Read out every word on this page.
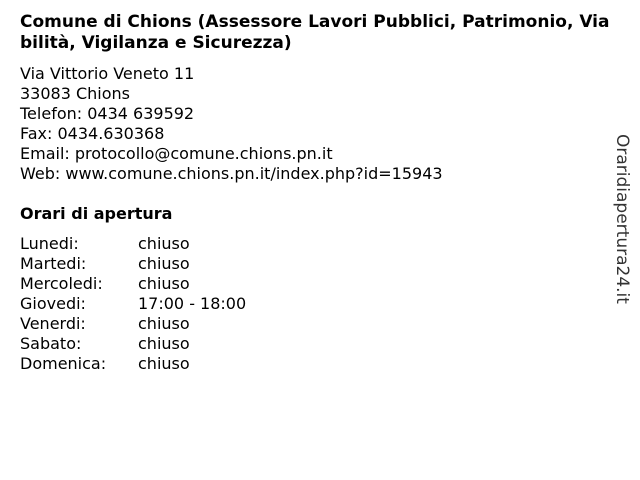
Comune di Chions (Assessore Lavori Pubblici, Patrimonio, Viabilità, Vigilanza e Sicurezza)
Via Vittorio Veneto 11
33083 Chions
Telefon: 0434 639592
Fax: 0434.630368
Email: protocollo@comune.chions.pn.it
Web: www.comune.chions.pn.it/index.php?id=15943
Orari di apertura
Lunedi:	chiuso
Martedi:	chiuso
Mercoledi:	chiuso
Giovedi:	17:00 - 18:00
Venerdi:	chiuso
Sabato:	chiuso
Domenica:	chiuso
Oraridiapertura24.it
